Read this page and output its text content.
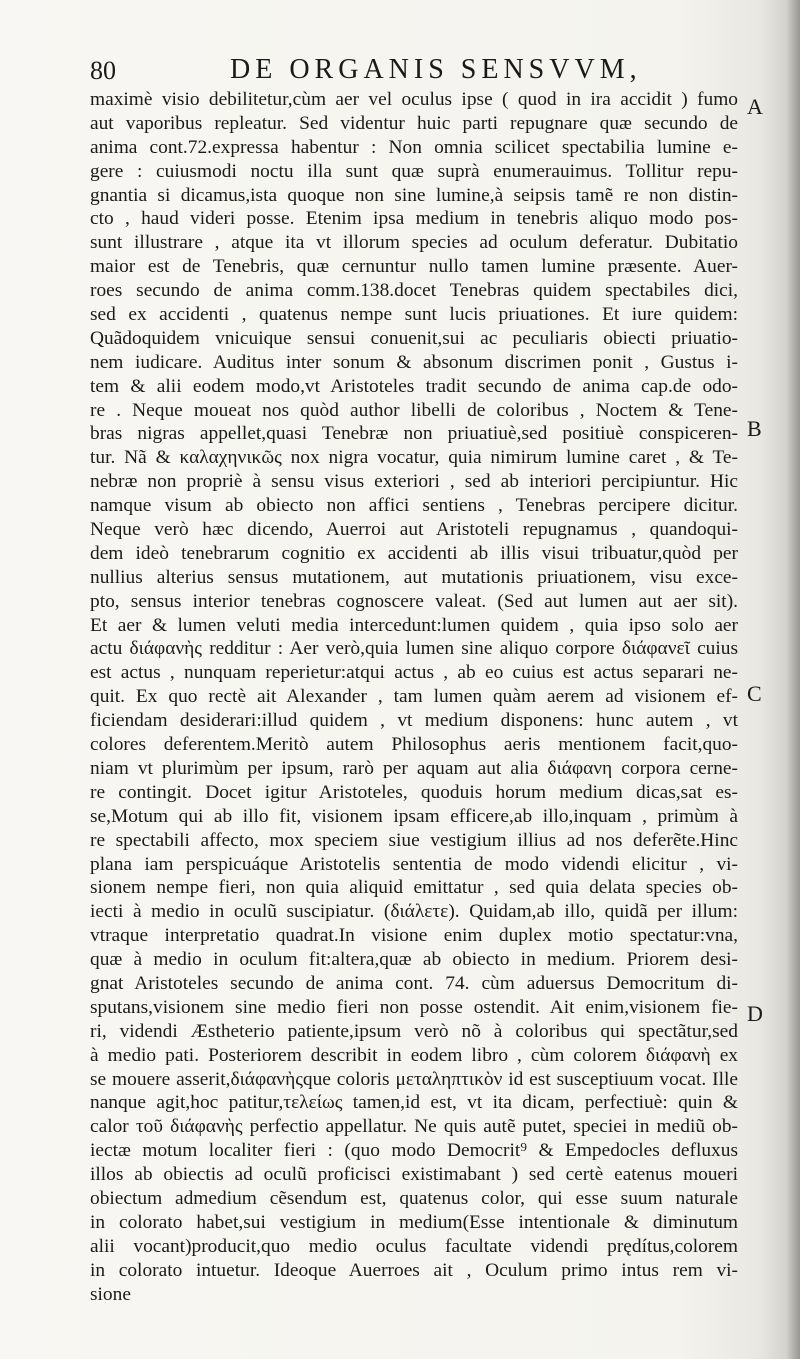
80	DE ORGANIS SENSVVM,
maximè visio debilitetur,cùm aer vel oculus ipse ( quod in ira accidit ) fumo
aut vaporibus repleatur. Sed videntur huic parti repugnare quæ secundo de
anima cont.72.expressa habentur : Non omnia scilicet spectabilia lumine e-
gere : cuiusmodi noctu illa sunt quæ suprà enumerauimus. Tollitur repu-
gnantia si dicamus,ista quoque non sine lumine,à seipsis tamẽ re non distin-
cto , haud videri posse. Etenim ipsa medium in tenebris aliquo modo pos-
sunt illustrare , atque ita vt illorum species ad oculum deferatur. Dubitatio
maior est de Tenebris, quæ cernuntur nullo tamen lumine præsente. Auer-
roes secundo de anima comm.138.docet Tenebras quidem spectabiles dici,
sed ex accidenti , quatenus nempe sunt lucis priuationes. Et iure quidem:
Quãdoquidem vnicuique sensui conuenit,sui ac peculiaris obiecti priuatio-
nem iudicare. Auditus inter sonum & absonum discrimen ponit , Gustus i-
tem & alii eodem modo,vt Aristoteles tradit secundo de anima cap.de odo-
re . Neque moueat nos quòd author libelli de coloribus , Noctem & Tene-
bras nigras appellet,quasi Tenebræ non priuatiuè,sed positiuè conspiceren-
tur. Nã & καλαχηνικῶς nox nigra vocatur, quia nimirum lumine caret , & Te-
nebræ non propriè à sensu visus exteriori , sed ab interiori percipiuntur. Hic
namque visum ab obiecto non affici sentiens , Tenebras percipere dicitur.
Neque verò hæc dicendo, Auerroi aut Aristoteli repugnamus , quandoqui-
dem ideò tenebrarum cognitio ex accidenti ab illis visui tribuatur,quòd per
nullius alterius sensus mutationem, aut mutationis priuationem, visu exce-
pto, sensus interior tenebras cognoscere valeat. (Sed aut lumen aut aer sit).
Et aer & lumen veluti media intercedunt:lumen quidem , quia ipso solo aer
actu διάφανὴς redditur : Aer verò,quia lumen sine aliquo corpore διάφανεῖ cuius
est actus , nunquam reperietur:atqui actus , ab eo cuius est actus separari ne-
quit. Ex quo rectè ait Alexander , tam lumen quàm aerem ad visionem ef-
ficiendam desiderari:illud quidem , vt medium disponens: hunc autem , vt
colores deferentem.Meritò autem Philosophus aeris mentionem facit,quo-
niam vt plurimùm per ipsum, rarò per aquam aut alia διάφανη corpora cerne-
re contingit. Docet igitur Aristoteles, quoduis horum medium dicas,sat es-
se,Motum qui ab illo fit, visionem ipsam efficere,ab illo,inquam , primùm à
re spectabili affecto, mox speciem siue vestigium illius ad nos deferẽte.Hinc
plana iam perspicuáque Aristotelis sententia de modo videndi elicitur , vi-
sionem nempe fieri, non quia aliquid emittatur , sed quia delata species ob-
iecti à medio in oculũ suscipiatur. (διάλετε). Quidam,ab illo, quidã per illum:
vtraque interpretatio quadrat.In visione enim duplex motio spectatur:vna,
quæ à medio in oculum fit:altera,quæ ab obiecto in medium. Priorem desi-
gnat Aristoteles secundo de anima cont. 74. cùm aduersus Democritum di-
sputans,visionem sine medio fieri non posse ostendit. Ait enim,visionem fie-
ri, videndi Æstheterio patiente,ipsum verò nõ à coloribus qui spectãtur,sed
à medio pati. Posteriorem describit in eodem libro , cùm colorem διάφανὴ ex
se mouere asserit,διάφανὴςque coloris μεταληπτικὸν id est susceptiuum vocat. Ille
nanque agit,hoc patitur,τελείως tamen,id est, vt ita dicam, perfectiuè: quin &
calor τοῦ διάφανὴς perfectio appellatur. Ne quis autẽ putet, speciei in mediũ ob-
iectæ motum localiter fieri : (quo modo Democrit⁹ & Empedocles defluxus
illos ab obiectis ad oculũ proficisci existimabant ) sed certè eatenus moueri
obiectum admedium cẽsendum est, quatenus color, qui esse suum naturale
in colorato habet,sui vestigium in medium(Esse intentionale & diminutum
alii vocant)producit,quo medio oculus facultate videndi prędítus,colorem
in colorato intuetur. Ideoque Auerroes ait , Oculum primo intus rem vi-
sione
A
B
C
D
